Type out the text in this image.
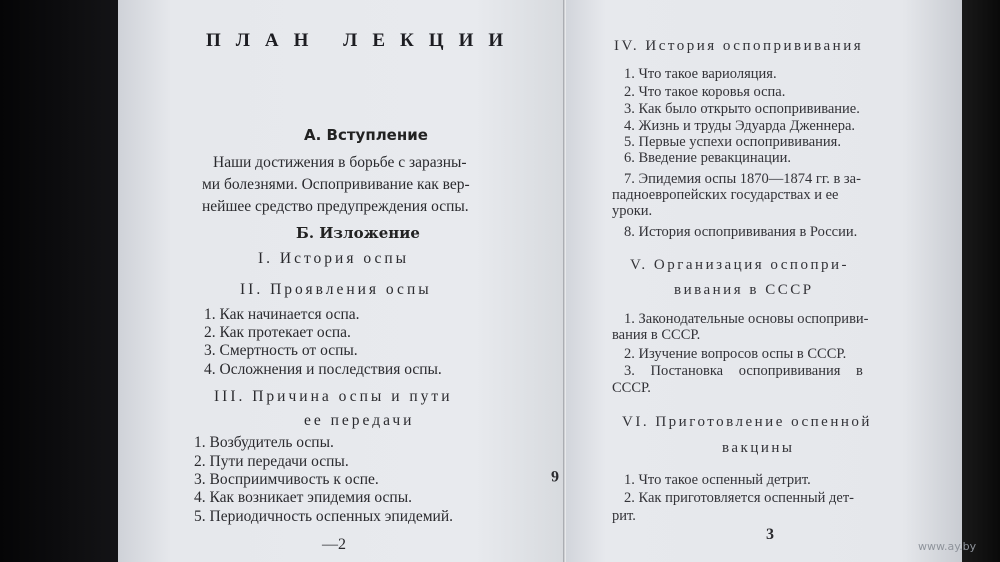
ПЛАН ЛЕКЦИИ
А. Вступление
Наши достижения в борьбе с заразны-
ми болезнями. Оспопрививание как вер-
нейшее средство предупреждения оспы.
Б. Изложение
I. История оспы
II. Проявления оспы
1. Как начинается оспа.
2. Как протекает оспа.
3. Смертность от оспы.
4. Осложнения и последствия оспы.
III. Причина оспы и пути
ее передачи
1. Возбудитель оспы.
2. Пути передачи оспы.
3. Восприимчивость к оспе.
4. Как возникает эпидемия оспы.
5. Периодичность оспенных эпидемий.
—2
6
IV. История оспопрививания
1. Что такое вариоляция.
2. Что такое коровья оспа.
3. Как было открыто оспопрививание.
4. Жизнь и труды Эдуарда Дженнера.
5. Первые успехи оспопрививания.
6. Введение ревакцинации.
7. Эпидемия оспы 1870—1874 гг. в за-
падноевропейских государствах и ее
уроки.
8. История оспопрививания в России.
V. Организация оспопри-
вивания в СССР
1. Законодательные основы оспоприви-
вания в СССР.
2. Изучение вопросов оспы в СССР.
3. Постановка оспопрививания в
СССР.
VI. Приготовление оспенной
вакцины
1. Что такое оспенный детрит.
2. Как приготовляется оспенный дет-
рит.
3
www.ay.by
